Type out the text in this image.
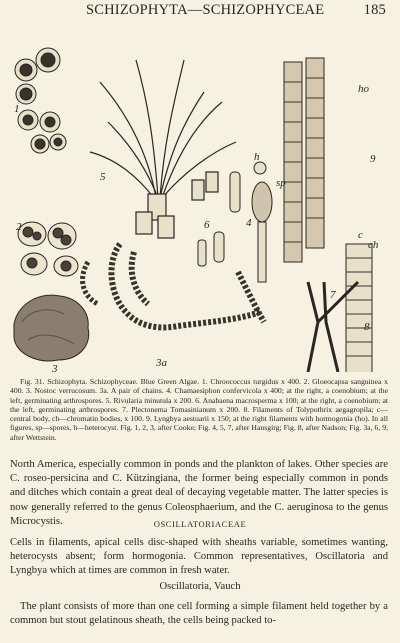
SCHIZOPHYTA—SCHIZOPHYCEAE	185
1
2
3	3a
4
5
6
7
8
9
h
sp
ho
c
ch
Fig. 31. Schizophyta. Schizophyceae. Blue Green Algae. 1. Chroococcus turgidus x 400. 2. Gloeocapsa sanguinea x 400. 3. Nostoc verrucosum. 3a. A pair of chains. 4. Chamaesiphon confervicola x 400; at the right, a coenobium; at the left, germinating arthrospores. 5. Rivularia minutula x 200. 6. Anabaena macrosperma x 100; at the right, a coenobium; at the left, germinating arthrospores. 7. Plectonema Tomasinianum x 200. 8. Filaments of Tolypothrix aegagropila; c—central body, ch—chromatin bodies, x 100. 9. Lyngbya aestuarii x 150; at the right filaments with hormogonia (ho). In all figures, sp—spores, h—heterocyst. Fig. 1, 2, 3, after Cooke; Fig. 4, 5, 7, after Hansgirg; Fig. 8, after Nadson; Fig. 3a, 6, 9, after Wettstein.
North America, especially common in ponds and the plankton of lakes. Other species are C. roseo-persicina and C. Kützingiana, the former being especially common in ponds and ditches which contain a great deal of decaying vegetable matter. The latter species is now generally referred to the genus Coleosphaerium, and the C. aeruginosa to the genus Microcystis.	OSCILLATORIACEAE
Cells in filaments, apical cells disc-shaped with sheaths variable, sometimes wanting, heterocysts absent; form hormogonia. Common representatives, Oscillatoria and Lyngbya which at times are common in fresh water.
Oscillatoria, Vauch
The plant consists of more than one cell forming a simple filament held together by a common but stout gelatinous sheath, the cells being packed to-
